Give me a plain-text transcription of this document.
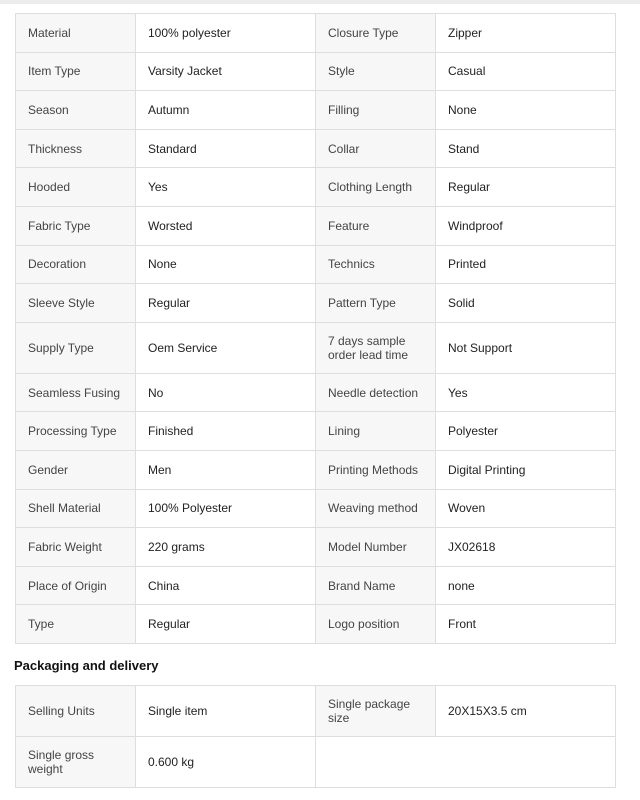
Material	100% polyester	Closure Type	Zipper
Item Type	Varsity Jacket	Style	Casual
Season	Autumn	Filling	None
Thickness	Standard	Collar	Stand
Hooded	Yes	Clothing Length	Regular
Fabric Type	Worsted	Feature	Windproof
Decoration	None	Technics	Printed
Sleeve Style	Regular	Pattern Type	Solid
Supply Type	Oem Service	7 days sample order lead time	Not Support
Seamless Fusing	No	Needle detection	Yes
Processing Type	Finished	Lining	Polyester
Gender	Men	Printing Methods	Digital Printing
Shell Material	100% Polyester	Weaving method	Woven
Fabric Weight	220 grams	Model Number	JX02618
Place of Origin	China	Brand Name	none
Type	Regular	Logo position	Front
Packaging and delivery
Selling Units	Single item	Single package size	20X15X3.5 cm
Single gross weight	0.600 kg		
